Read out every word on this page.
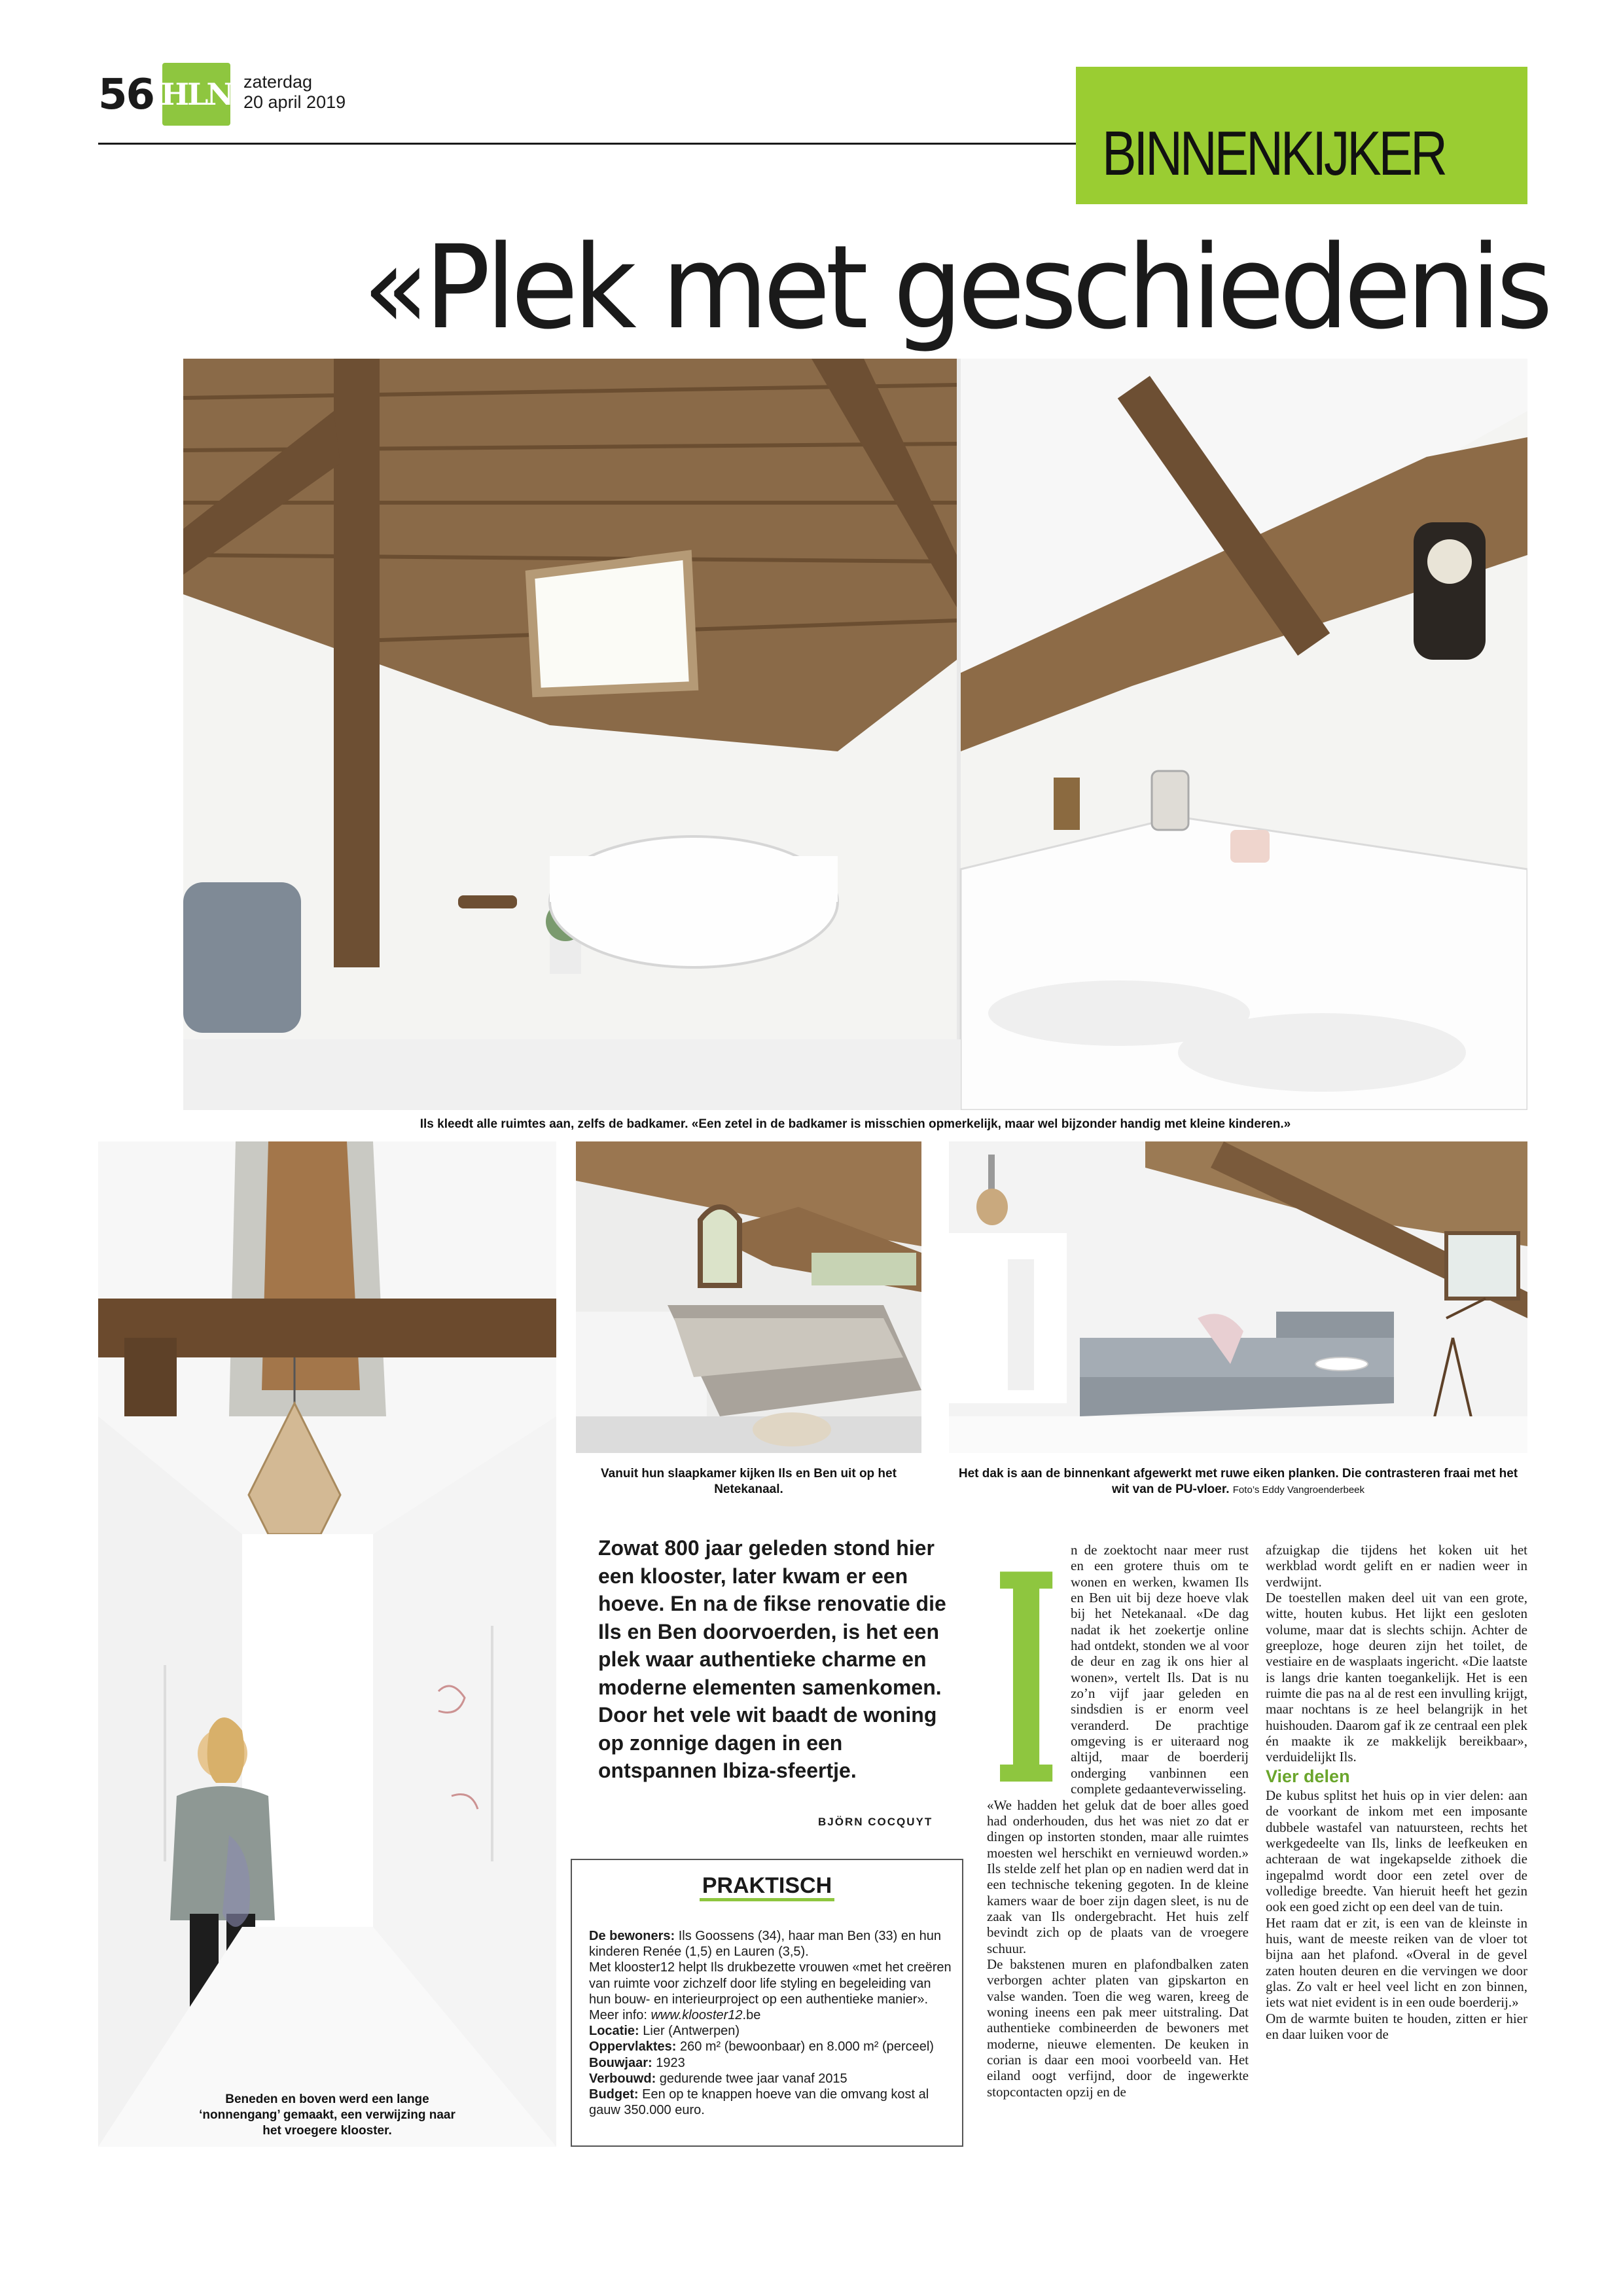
56 HLN zaterdag
20 april 2019
BINNENKIJKER
«Plek met geschiedenis
Ils kleedt alle ruimtes aan, zelfs de badkamer. «Een zetel in de badkamer is misschien opmerkelijk, maar wel bijzonder handig met kleine kinderen.»
Beneden en boven werd een lange ‘nonnengang’ gemaakt, een verwijzing naar het vroegere klooster.
Vanuit hun slaapkamer kijken Ils en Ben uit op het Netekanaal.
Het dak is aan de binnenkant afgewerkt met ruwe eiken planken. Die contrasteren fraai met het wit van de PU-vloer. Foto’s Eddy Vangroenderbeek
Zowat 800 jaar geleden stond hier een klooster, later kwam er een hoeve. En na de fikse renovatie die Ils en Ben doorvoerden, is het een plek waar authentieke charme en moderne elementen samenkomen. Door het vele wit baadt de woning op zonnige dagen in een ontspannen Ibiza-sfeertje.
BJÖRN COCQUYT
PRAKTISCH
De bewoners: Ils Goossens (34), haar man Ben (33) en hun kinderen Renée (1,5) en Lauren (3,5).
Met klooster12 helpt Ils drukbezette vrouwen «met het creëren van ruimte voor zichzelf door life styling en begeleiding van hun bouw- en interieurproject op een authentieke manier».
Meer info: www.klooster12.be
Locatie: Lier (Antwerpen)
Oppervlaktes: 260 m² (bewoonbaar) en 8.000 m² (perceel)
Bouwjaar: 1923
Verbouwd: gedurende twee jaar vanaf 2015
Budget: Een op te knappen hoeve van die omvang kost al gauw 350.000 euro.
I n de zoektocht naar meer rust en een grotere thuis om te wonen en werken, kwamen Ils en Ben uit bij deze hoeve vlak bij het Netekanaal. «De dag nadat ik het zoekertje online had ontdekt, stonden we al voor de deur en zag ik ons hier al wonen», vertelt Ils. Dat is nu zo’n vijf jaar geleden en sindsdien is er enorm veel veranderd. De prachtige omgeving is er uiteraard nog altijd, maar de boerderij onderging vanbinnen een complete gedaanteverwisseling.

«We hadden het geluk dat de boer alles goed had onderhouden, dus het was niet zo dat er dingen op instorten stonden, maar alle ruimtes moesten wel herschikt en vernieuwd worden.» Ils stelde zelf het plan op en nadien werd dat in een technische tekening gegoten. In de kleine kamers waar de boer zijn dagen sleet, is nu de zaak van Ils ondergebracht. Het huis zelf bevindt zich op de plaats van de vroegere schuur.

De bakstenen muren en plafondbalken zaten verborgen achter platen van gipskarton en valse wanden. Toen die weg waren, kreeg de woning ineens een pak meer uitstraling. Dat authentieke combineerden de bewoners met moderne, nieuwe elementen. De keuken in corian is daar een mooi voorbeeld van. Het eiland oogt verfijnd, door de ingewerkte stopcontacten opzij en de

afzuigkap die tijdens het koken uit het werkblad wordt gelift en er nadien weer in verdwijnt.

De toestellen maken deel uit van een grote, witte, houten kubus. Het lijkt een gesloten volume, maar dat is slechts schijn. Achter de greeploze, hoge deuren zijn het toilet, de vestiaire en de wasplaats ingericht. «Die laatste is langs drie kanten toegankelijk. Het is een ruimte die pas na al de rest een invulling krijgt, maar nochtans is ze heel belangrijk in het huishouden. Daarom gaf ik ze centraal een plek én maakte ik ze makkelijk bereikbaar», verduidelijkt Ils.

Vier delen

De kubus splitst het huis op in vier delen: aan de voorkant de inkom met een imposante dubbele wastafel van natuursteen, rechts het werkgedeelte van Ils, links de leefkeuken en achteraan de wat ingekapselde zithoek die ingepalmd wordt door een zetel over de volledige breedte. Van hieruit heeft het gezin ook een goed zicht op een deel van de tuin.

Het raam dat er zit, is een van de kleinste in huis, want de meeste reiken van de vloer tot bijna aan het plafond. «Overal in de gevel zaten houten deuren en die vervingen we door glas. Zo valt er heel veel licht en zon binnen, iets wat niet evident is in een oude boerderij.»

Om de warmte buiten te houden, zitten er hier en daar luiken voor de
